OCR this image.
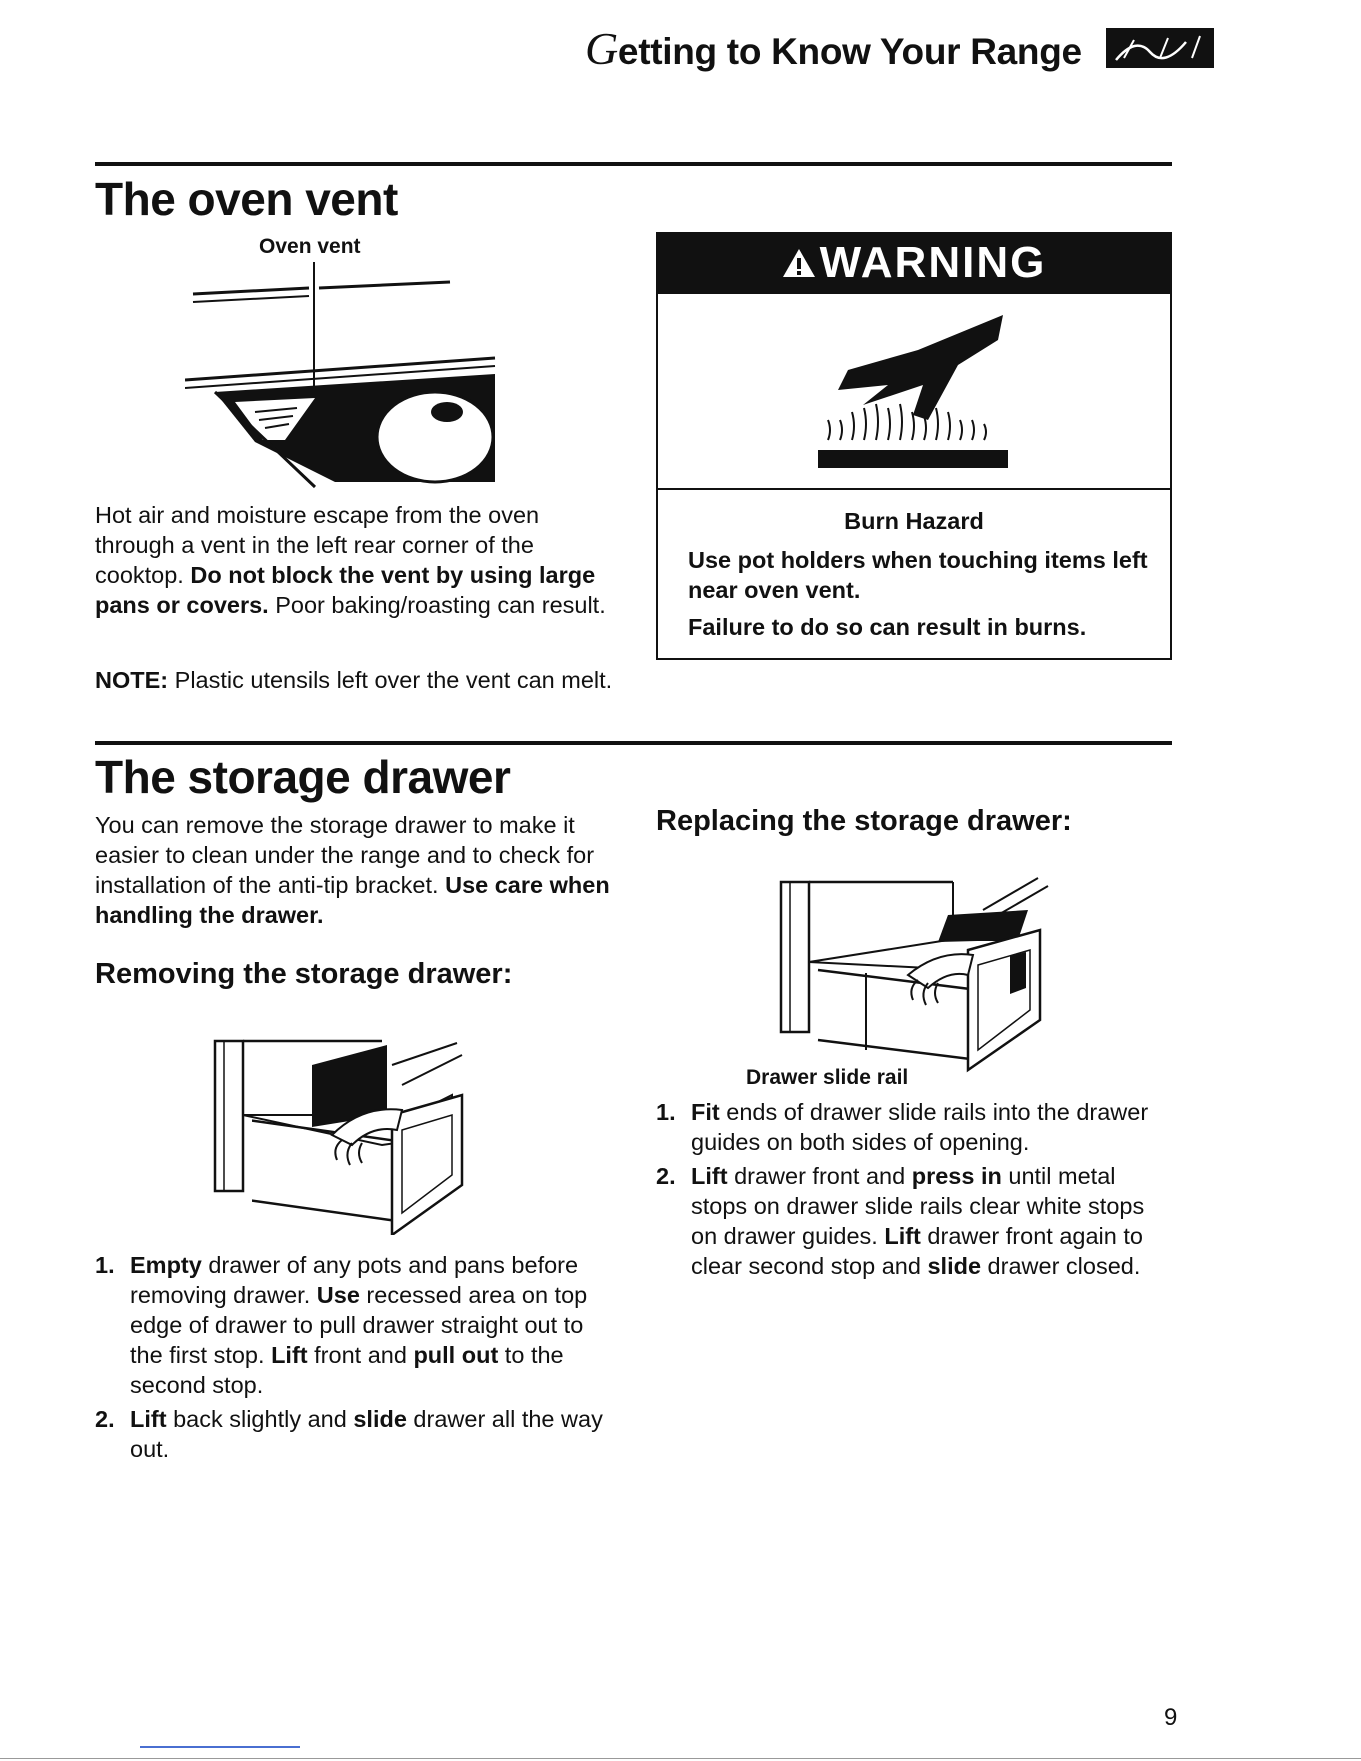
Getting to Know Your Range
The oven vent
Oven vent
Hot air and moisture escape from the oven through a vent in the left rear corner of the cooktop. Do not block the vent by using large pans or covers. Poor baking/roasting can result.
NOTE: Plastic utensils left over the vent can melt.
WARNING
Burn Hazard
Use pot holders when touching items left near oven vent.
Failure to do so can result in burns.
The storage drawer
You can remove the storage drawer to make it easier to clean under the range and to check for installation of the anti-tip bracket. Use care when handling the drawer.
Removing the storage drawer:
1. Empty drawer of any pots and pans before removing drawer. Use recessed area on top edge of drawer to pull drawer straight out to the first stop. Lift front and pull out to the second stop.
2. Lift back slightly and slide drawer all the way out.
Replacing the storage drawer:
Drawer slide rail
1. Fit ends of drawer slide rails into the drawer guides on both sides of opening.
2. Lift drawer front and press in until metal stops on drawer slide rails clear white stops on drawer guides. Lift drawer front again to clear second stop and slide drawer closed.
9
